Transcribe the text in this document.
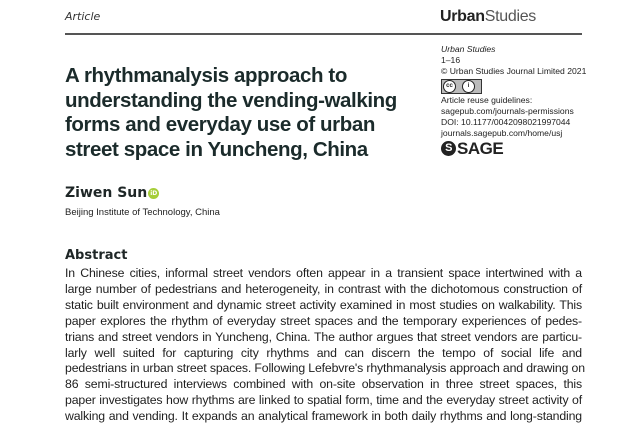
Article	UrbanStudies
Urban Studies
1–16
© Urban Studies Journal Limited 2021
cc	i
Article reuse guidelines:
sagepub.com/journals-permissions
DOI: 10.1177/0042098021997044
journals.sagepub.com/home/usj
S SAGE
A rhythmanalysis approach to
understanding the vending-walking
forms and everyday use of urban
street space in Yuncheng, China
Ziwen Sun iD
Beijing Institute of Technology, China
Abstract
In Chinese cities, informal street vendors often appear in a transient space intertwined with a
large number of pedestrians and heterogeneity, in contrast with the dichotomous construction of
static built environment and dynamic street activity examined in most studies on walkability. This
paper explores the rhythm of everyday street spaces and the temporary experiences of pedes-
trians and street vendors in Yuncheng, China. The author argues that street vendors are particu-
larly well suited for capturing city rhythms and can discern the tempo of social life and
pedestrians in urban street spaces. Following Lefebvre's rhythmanalysis approach and drawing on
86 semi-structured interviews combined with on-site observation in three street spaces, this
paper investigates how rhythms are linked to spatial form, time and the everyday street activity of
walking and vending. It expands an analytical framework in both daily rhythms and long-standing
